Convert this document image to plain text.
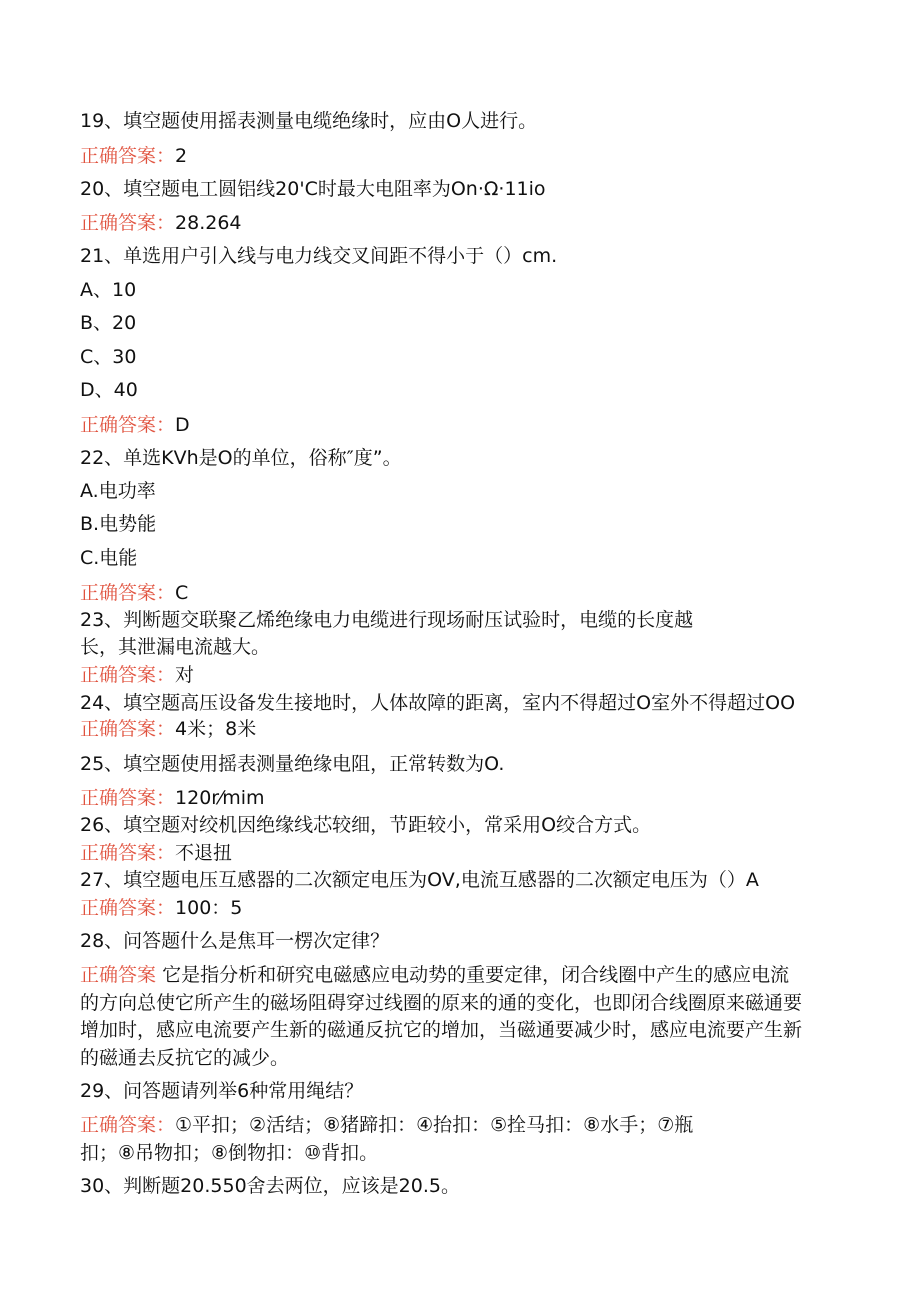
19、填空题使用摇表测量电缆绝缘时，应由O人进行。
正确答案：2
20、填空题电工圆铝线20'C时最大电阻率为On·Ω·11io
正确答案：28.264
21、单选用户引入线与电力线交叉间距不得小于（）cm.
A、10
B、20
C、30
D、40
正确答案：D
22、单选KVh是O的单位，俗称″度”。
A.电功率
B.电势能
C.电能
正确答案：C
23、判断题交联聚乙烯绝缘电力电缆进行现场耐压试验时，电缆的长度越
长，其泄漏电流越大。
正确答案：对
24、填空题高压设备发生接地时，人体故障的距离，室内不得超过O室外不得超过OO
正确答案：4米；8米
25、填空题使用摇表测量绝缘电阻，正常转数为O.
正确答案：120r⁄mim
26、填空题对绞机因绝缘线芯较细，节距较小，常采用O绞合方式。
正确答案：不退扭
27、填空题电压互感器的二次额定电压为OV,电流互感器的二次额定电压为（）A
正确答案：100：5
28、问答题什么是焦耳一楞次定律？
正确答案 它是指分析和研究电磁感应电动势的重要定律，闭合线圈中产生的感应电流
的方向总使它所产生的磁场阻碍穿过线圈的原来的通的变化，也即闭合线圈原来磁通要
增加时，感应电流要产生新的磁通反抗它的增加，当磁通要减少时，感应电流要产生新
的磁通去反抗它的减少。
29、问答题请列举6种常用绳结？
正确答案：①平扣；②活结；⑧猪蹄扣：④抬扣：⑤拴马扣：⑧水手；⑦瓶
扣；⑧吊物扣；⑧倒物扣：⑩背扣。
30、判断题20.550舍去两位，应该是20.5。
